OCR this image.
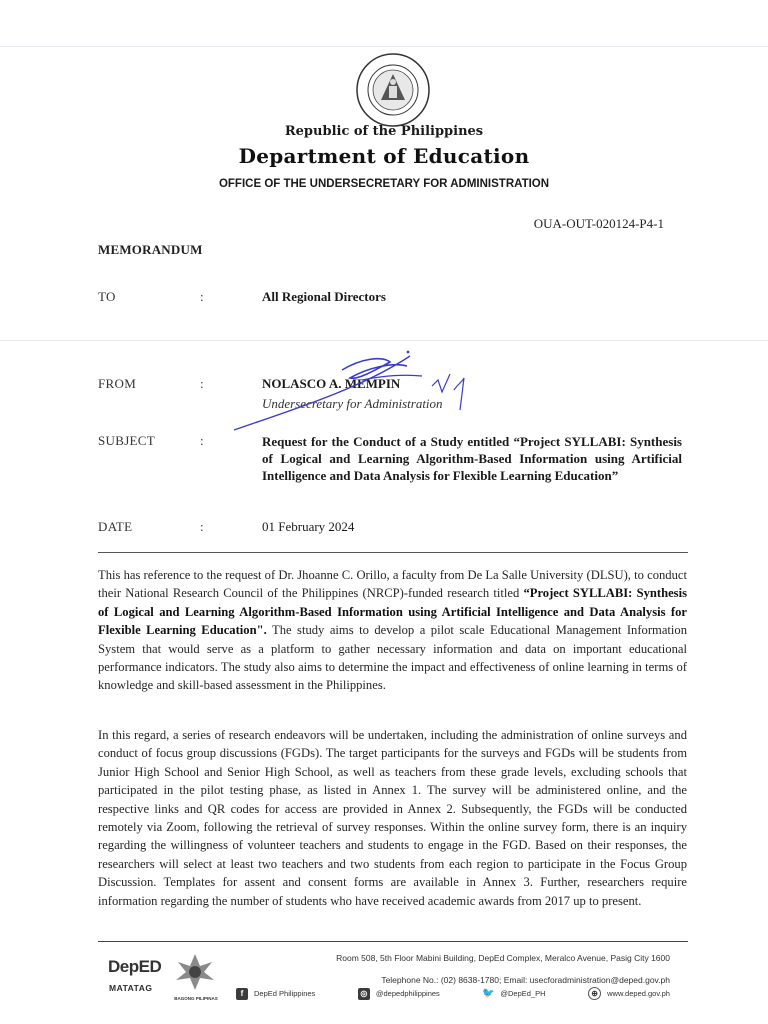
Republic of the Philippines
Department of Education
OFFICE OF THE UNDERSECRETARY FOR ADMINISTRATION
OUA-OUT-020124-P4-1
MEMORANDUM
TO	:	All Regional Directors
FROM	:	NOLASCO A. MEMPIN
Undersecretary for Administration
SUBJECT	:	Request for the Conduct of a Study entitled “Project SYLLABI: Synthesis of Logical and Learning Algorithm-Based Information using Artificial Intelligence and Data Analysis for Flexible Learning Education”
DATE	:	01 February 2024
This has reference to the request of Dr. Jhoanne C. Orillo, a faculty from De La Salle University (DLSU), to conduct their National Research Council of the Philippines (NRCP)-funded research titled “Project SYLLABI: Synthesis of Logical and Learning Algorithm-Based Information using Artificial Intelligence and Data Analysis for Flexible Learning Education". The study aims to develop a pilot scale Educational Management Information System that would serve as a platform to gather necessary information and data on important educational performance indicators. The study also aims to determine the impact and effectiveness of online learning in terms of knowledge and skill-based assessment in the Philippines.
In this regard, a series of research endeavors will be undertaken, including the administration of online surveys and conduct of focus group discussions (FGDs). The target participants for the surveys and FGDs will be students from Junior High School and Senior High School, as well as teachers from these grade levels, excluding schools that participated in the pilot testing phase, as listed in Annex 1. The survey will be administered online, and the respective links and QR codes for access are provided in Annex 2. Subsequently, the FGDs will be conducted remotely via Zoom, following the retrieval of survey responses. Within the online survey form, there is an inquiry regarding the willingness of volunteer teachers and students to engage in the FGD. Based on their responses, the researchers will select at least two teachers and two students from each region to participate in the Focus Group Discussion. Templates for assent and consent forms are available in Annex 3. Further, researchers require information regarding the number of students who have received academic awards from 2017 up to present.
DepED
MATATAG
BAGONG PILIPINAS
Room 508, 5th Floor Mabini Building, DepEd Complex, Meralco Avenue, Pasig City 1600
Telephone No.: (02) 8638-1780; Email: usecforadministration@deped.gov.ph
f	DepEd Philippines	◎	@depedphilippines	🐦 @DepEd_PH	⊕	www.deped.gov.ph
